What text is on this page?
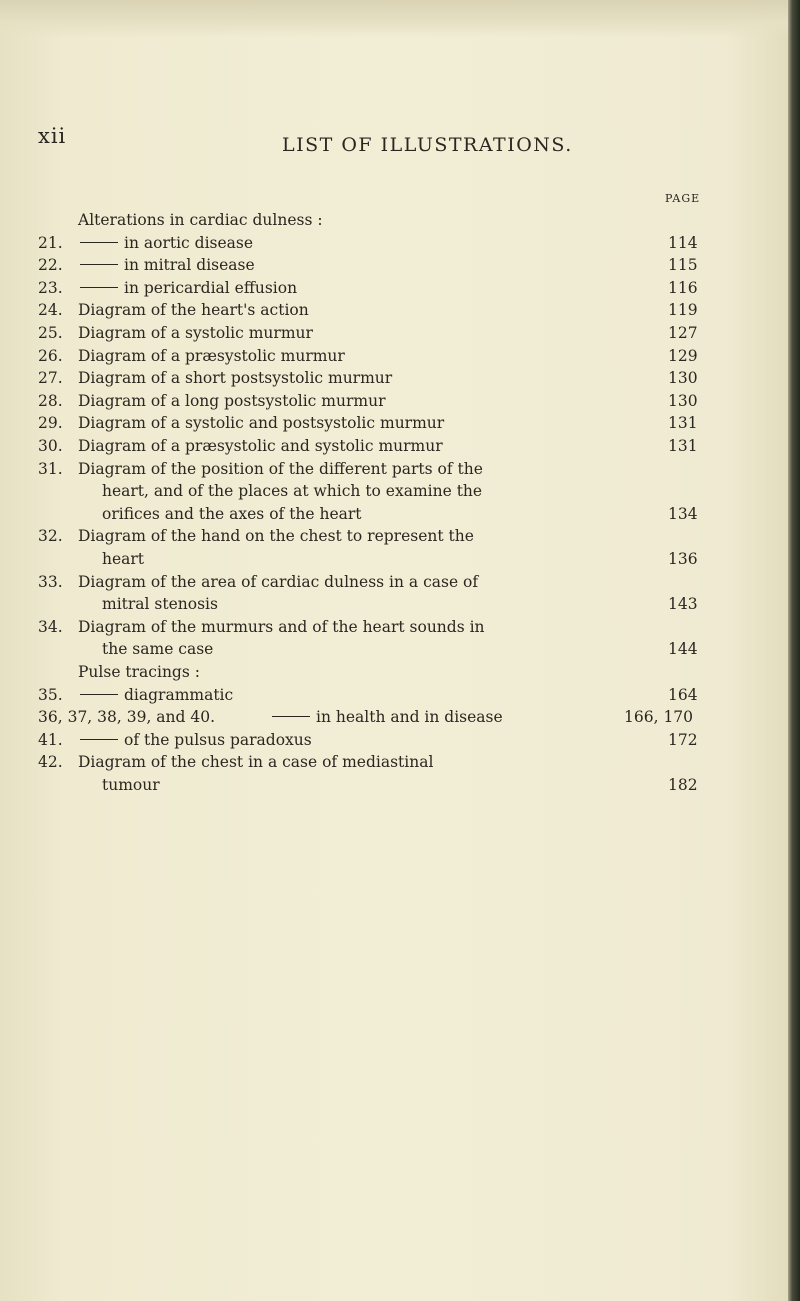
xii	LIST OF ILLUSTRATIONS.
PAGE
Alterations in cardiac dulness :
21.	in aortic disease	114
22.	in mitral disease	115
23.	in pericardial effusion	116
24. Diagram of the heart's action	119
25. Diagram of a systolic murmur	127
26. Diagram of a præsystolic murmur	129
27. Diagram of a short postsystolic murmur	130
28. Diagram of a long postsystolic murmur	130
29. Diagram of a systolic and postsystolic murmur	131
30. Diagram of a præsystolic and systolic murmur	131
31. Diagram of the position of the different parts of the
heart, and of the places at which to examine the
orifices and the axes of the heart	134
32. Diagram of the hand on the chest to represent the
heart	136
33. Diagram of the area of cardiac dulness in a case of
mitral stenosis	143
34. Diagram of the murmurs and of the heart sounds in
the same case	144
Pulse tracings :
35.	diagrammatic	164
36, 37, 38, 39, and 40.	in health and in disease	166, 170
41.	of the pulsus paradoxus	172
42. Diagram of the chest in a case of mediastinal
tumour	182
